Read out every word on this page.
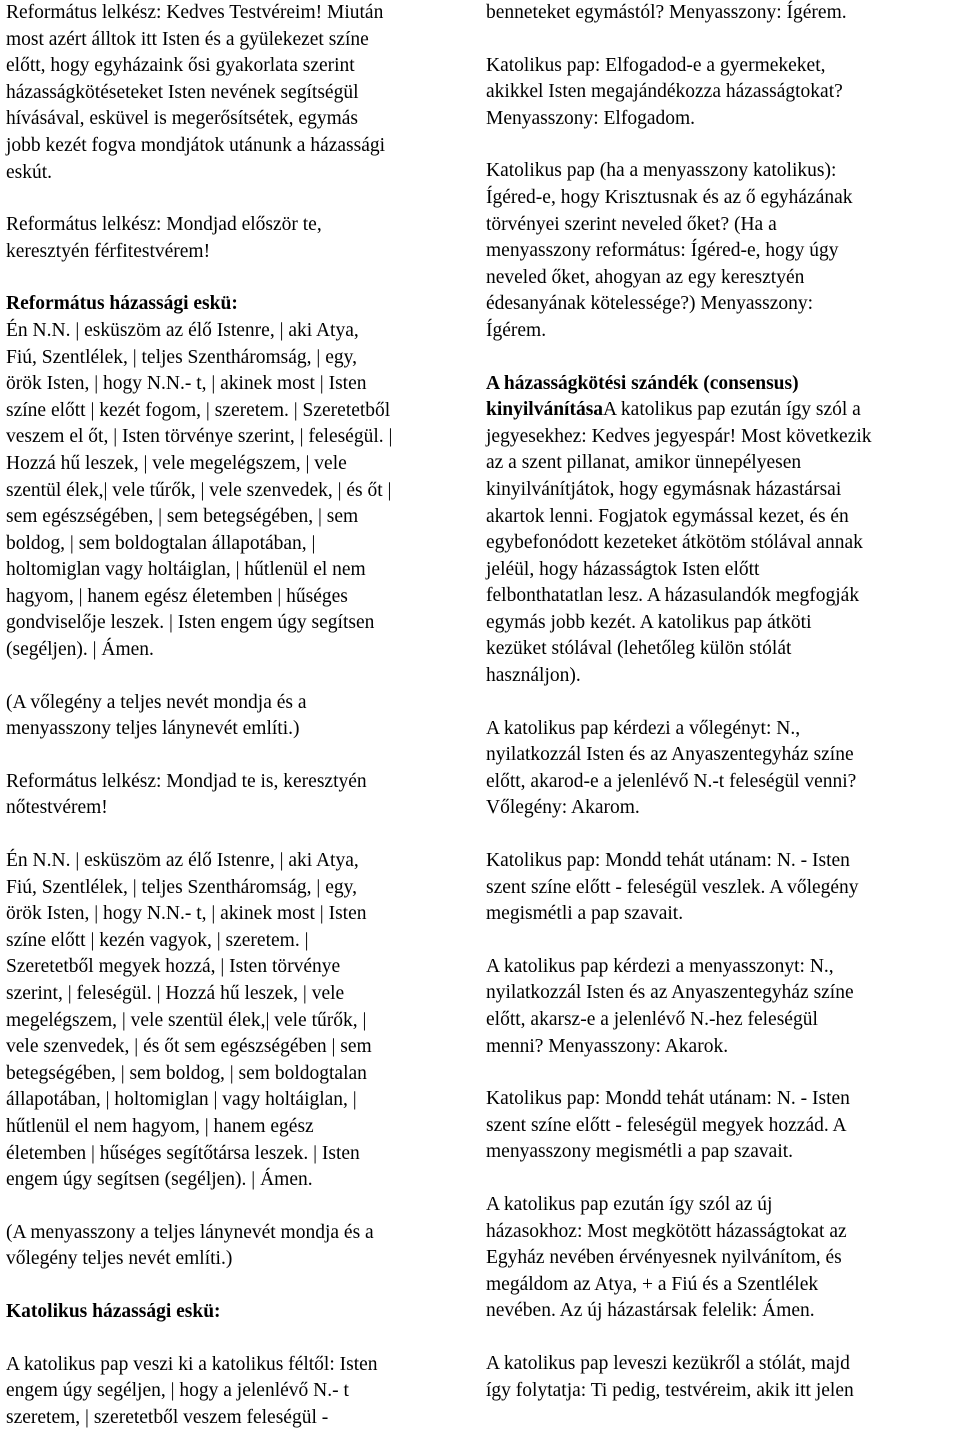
Református lelkész: Kedves Testvéreim! Miután
most azért álltok itt Isten és a gyülekezet színe
előtt, hogy egyházaink ősi gyakorlata szerint
házasságkötéseteket Isten nevének segítségül
hívásával, esküvel is megerősítsétek, egymás
jobb kezét fogva mondjátok utánunk a házassági
eskút.

Református lelkész: Mondjad először te,
keresztyén férfitestvérem!

Református házassági eskü:

Én N.N. | esküszöm az élő Istenre, | aki Atya,
Fiú, Szentlélek, | teljes Szentháromság, | egy,
örök Isten, | hogy N.N.- t, | akinek most | Isten
színe előtt | kezét fogom, | szeretem. | Szeretetből
veszem el őt, | Isten törvénye szerint, | feleségül. |
Hozzá hű leszek, | vele megelégszem, | vele
szentül élek,| vele tűrők, | vele szenvedek, | és őt |
sem egészségében, | sem betegségében, | sem
boldog, | sem boldogtalan állapotában, |
holtomiglan vagy holtáiglan, | hűtlenül el nem
hagyom, | hanem egész életemben | hűséges
gondviselője leszek. | Isten engem úgy segítsen
(segéljen). | Ámen.

(A vőlegény a teljes nevét mondja és a
menyasszony teljes lánynevét említi.)

Református lelkész: Mondjad te is, keresztyén
nőtestvérem!

Én N.N. | esküszöm az élő Istenre, | aki Atya,
Fiú, Szentlélek, | teljes Szentháromság, | egy,
örök Isten, | hogy N.N.- t, | akinek most | Isten
színe előtt | kezén vagyok, | szeretem. |
Szeretetből megyek hozzá, | Isten törvénye
szerint, | feleségül. | Hozzá hű leszek, | vele
megelégszem, | vele szentül élek,| vele tűrők, |
vele szenvedek, | és őt sem egészségében | sem
betegségében, | sem boldog, | sem boldogtalan
állapotában, | holtomiglan | vagy holtáiglan, |
hűtlenül el nem hagyom, | hanem egész
életemben | hűséges segítőtársa leszek. | Isten
engem úgy segítsen (segéljen). | Ámen.

(A menyasszony a teljes lánynevét mondja és a
vőlegény teljes nevét említi.)

Katolikus házassági eskü:

A katolikus pap veszi ki a katolikus féltől: Isten
engem úgy segéljen, | hogy a jelenlévő N.- t
szeretem, | szeretetből veszem feleségül -

benneteket egymástól? Menyasszony: Ígérem.

Katolikus pap: Elfogadod-e a gyermekeket,
akikkel Isten megajándékozza házasságtokat?
Menyasszony: Elfogadom.

Katolikus pap (ha a menyasszony katolikus):
Ígéred-e, hogy Krisztusnak és az ő egyházának
törvényei szerint neveled őket? (Ha a
menyasszony református: Ígéred-e, hogy úgy
neveled őket, ahogyan az egy keresztyén
édesanyának kötelessége?) Menyasszony:
Ígérem.

A házasságkötési szándék (consensus)
kinyilvánításaA katolikus pap ezután így szól a
jegyesekhez: Kedves jegyespár! Most következik
az a szent pillanat, amikor ünnepélyesen
kinyilvánítjátok, hogy egymásnak házastársai
akartok lenni. Fogjatok egymással kezet, és én
egybefonódott kezeteket átkötöm stólával annak
jeléül, hogy házasságtok Isten előtt
felbonthatatlan lesz. A házasulandók megfogják
egymás jobb kezét. A katolikus pap átköti
kezüket stólával (lehetőleg külön stólát
használjon).

A katolikus pap kérdezi a vőlegényt: N.,
nyilatkozzál Isten és az Anyaszentegyház színe
előtt, akarod-e a jelenlévő N.-t feleségül venni?
Vőlegény: Akarom.

Katolikus pap: Mondd tehát utánam: N. - Isten
szent színe előtt - feleségül veszlek. A vőlegény
megismétli a pap szavait.

A katolikus pap kérdezi a menyasszonyt: N.,
nyilatkozzál Isten és az Anyaszentegyház színe
előtt, akarsz-e a jelenlévő N.-hez feleségül
menni? Menyasszony: Akarok.

Katolikus pap: Mondd tehát utánam: N. - Isten
szent színe előtt - feleségül megyek hozzád. A
menyasszony megismétli a pap szavait.

A katolikus pap ezután így szól az új
házasokhoz: Most megkötött házasságtokat az
Egyház nevében érvényesnek nyilvánítom, és
megáldom az Atya, + a Fiú és a Szentlélek
nevében. Az új házastársak felelik: Ámen.

A katolikus pap leveszi kezükről a stólát, majd
így folytatja: Ti pedig, testvéreim, akik itt jelen
